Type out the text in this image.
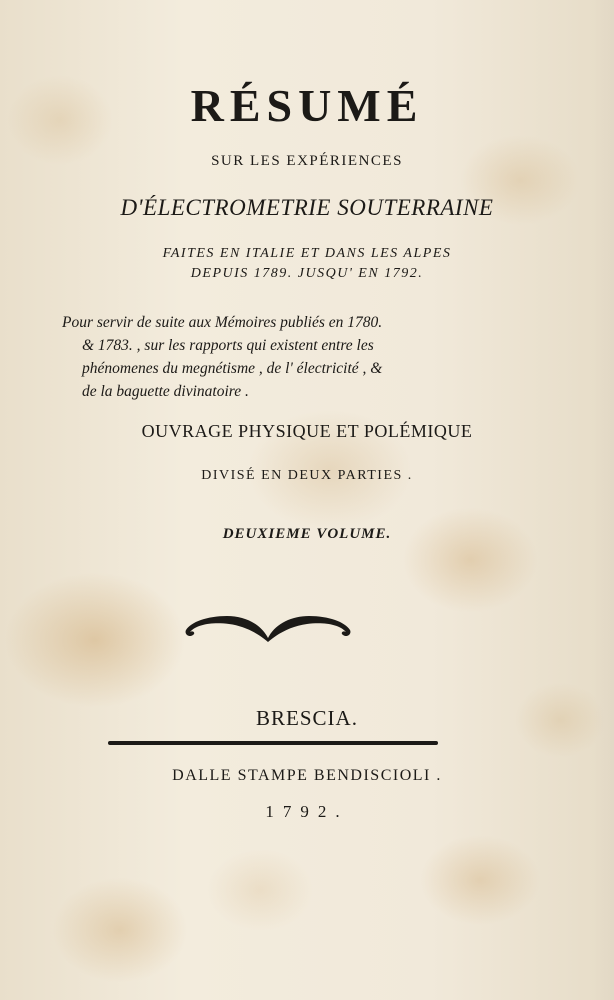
RÉSUMÉ

SUR LES EXPÉRIENCES

D'ÉLECTROMETRIE SOUTERRAINE

FAITES EN ITALIE ET DANS LES ALPES

DEPUIS 1789. JUSQU' EN 1792.

Pour servir de suite aux Mémoires publiés en 1780.
& 1783. , sur les rapports qui existent entre les
phénomenes du megnétisme , de l' électricité , &
de la baguette divinatoire .

OUVRAGE PHYSIQUE ET POLÉMIQUE

DIVISÉ EN DEUX PARTIES .

DEUXIEME VOLUME.

BRESCIA.

DALLE STAMPE BENDISCIOLI .

1792.
